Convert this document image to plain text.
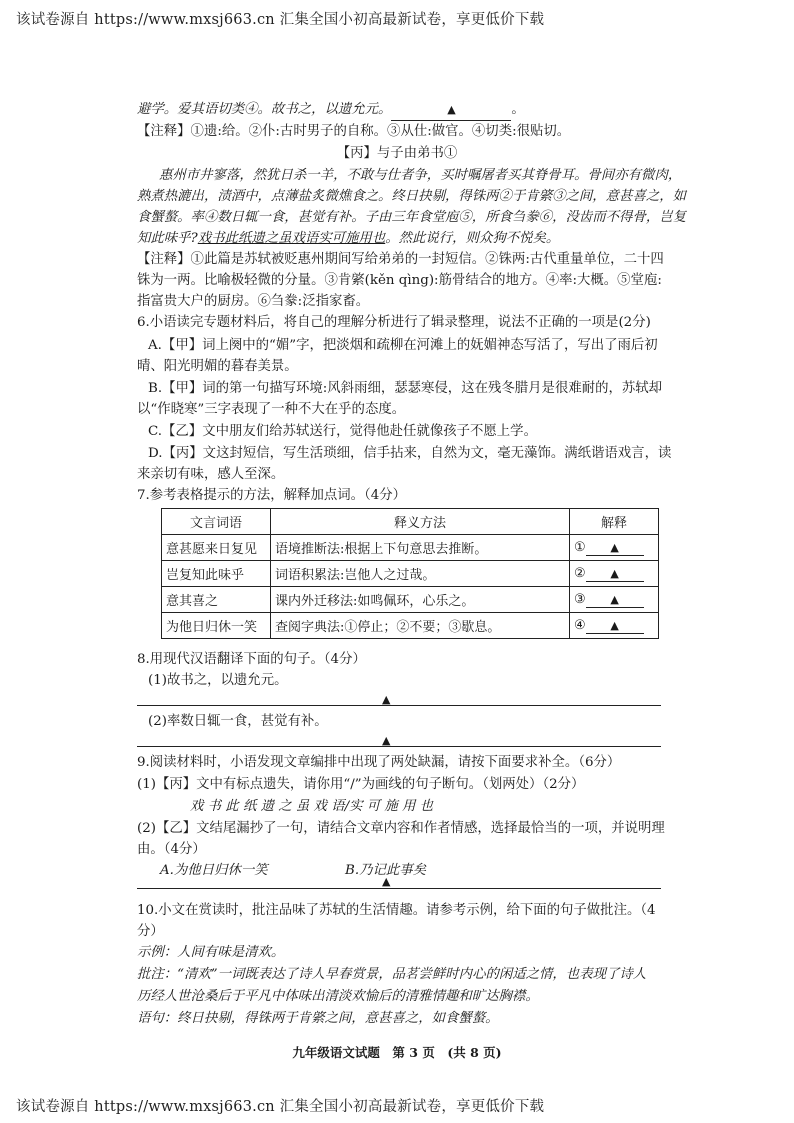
该试卷源自 https://www.mxsj663.cn 汇集全国小初高最新试卷，享更低价下载
避学。爱其语切类④。故书之，以遗允元。	▲	。
【注释】①遗:给。②仆:古时男子的自称。③从仕:做官。④切类:很贴切。
【丙】与子由弟书①
惠州市井寥落，然犹日杀一羊，不敢与仕者争，买时嘱屠者买其脊骨耳。骨间亦有微肉，
熟煮热漉出，渍酒中，点薄盐炙微燋食之。终日抉剔，得铢两②于肯綮③之间，意甚喜之，如
食蟹螯。率④数日辄一食，甚觉有补。子由三年食堂庖⑤，所食刍豢⑥，没齿而不得骨，岂复
知此味乎?戏书此纸遗之虽戏语实可施用也。然此说行，则众狗不悦矣。
【注释】①此篇是苏轼被贬惠州期间写给弟弟的一封短信。②铢两:古代重量单位，二十四
铢为一两。比喻极轻微的分量。③肯綮(kěn qìng):筋骨结合的地方。④率:大概。⑤堂庖:
指富贵大户的厨房。⑥刍豢:泛指家畜。
6.小语读完专题材料后，将自己的理解分析进行了辑录整理，说法不正确的一项是(2分)
A.【甲】词上阕中的“媚”字，把淡烟和疏柳在河滩上的妩媚神态写活了，写出了雨后初
晴、阳光明媚的暮春美景。
B.【甲】词的第一句描写环境:风斜雨细，瑟瑟寒侵，这在残冬腊月是很难耐的，苏轼却
以“作晓寒”三字表现了一种不大在乎的态度。
C.【乙】文中朋友们给苏轼送行，觉得他赴任就像孩子不愿上学。
D.【丙】文这封短信，写生活琐细，信手拈来，自然为文，毫无藻饰。满纸谐语戏言，读
来亲切有味，感人至深。
7.参考表格提示的方法，解释加点词。（4分）
文言词语	释义方法	解释
意甚愿来日复见	语境推断法:根据上下句意思去推断。	① ▲
岂复知此味乎	词语积累法:岂他人之过哉。	② ▲
意其喜之	课内外迁移法:如鸣佩环，心乐之。	③ ▲
为他日归休一笑	查阅字典法:①停止；②不要；③歇息。	④ ▲
8.用现代汉语翻译下面的句子。（4分）
(1)故书之，以遗允元。
▲
(2)率数日辄一食，甚觉有补。
▲
9.阅读材料时，小语发现文章编排中出现了两处缺漏，请按下面要求补全。（6分）
(1)【丙】文中有标点遗失，请你用“/”为画线的句子断句。（划两处）（2分）
戏 书 此 纸 遗 之 虽 戏 语/实 可 施 用 也
(2)【乙】文结尾漏抄了一句，请结合文章内容和作者情感，选择最恰当的一项，并说明理
由。（4分）
A.为他日归休一笑	B.乃记此事矣
▲
10.小文在赏读时，批注品味了苏轼的生活情趣。请参考示例，给下面的句子做批注。（4
分）
示例：人间有味是清欢。
批注：“清欢”一词既表达了诗人早春赏景，品茗尝鲜时内心的闲适之情，也表现了诗人
历经人世沧桑后于平凡中体味出清淡欢愉后的清雅情趣和旷达胸襟。
语句：终日抉剔，得铢两于肯綮之间，意甚喜之，如食蟹螯。
九年级语文试题　第 3 页　(共 8 页)
该试卷源自 https://www.mxsj663.cn 汇集全国小初高最新试卷，享更低价下载
